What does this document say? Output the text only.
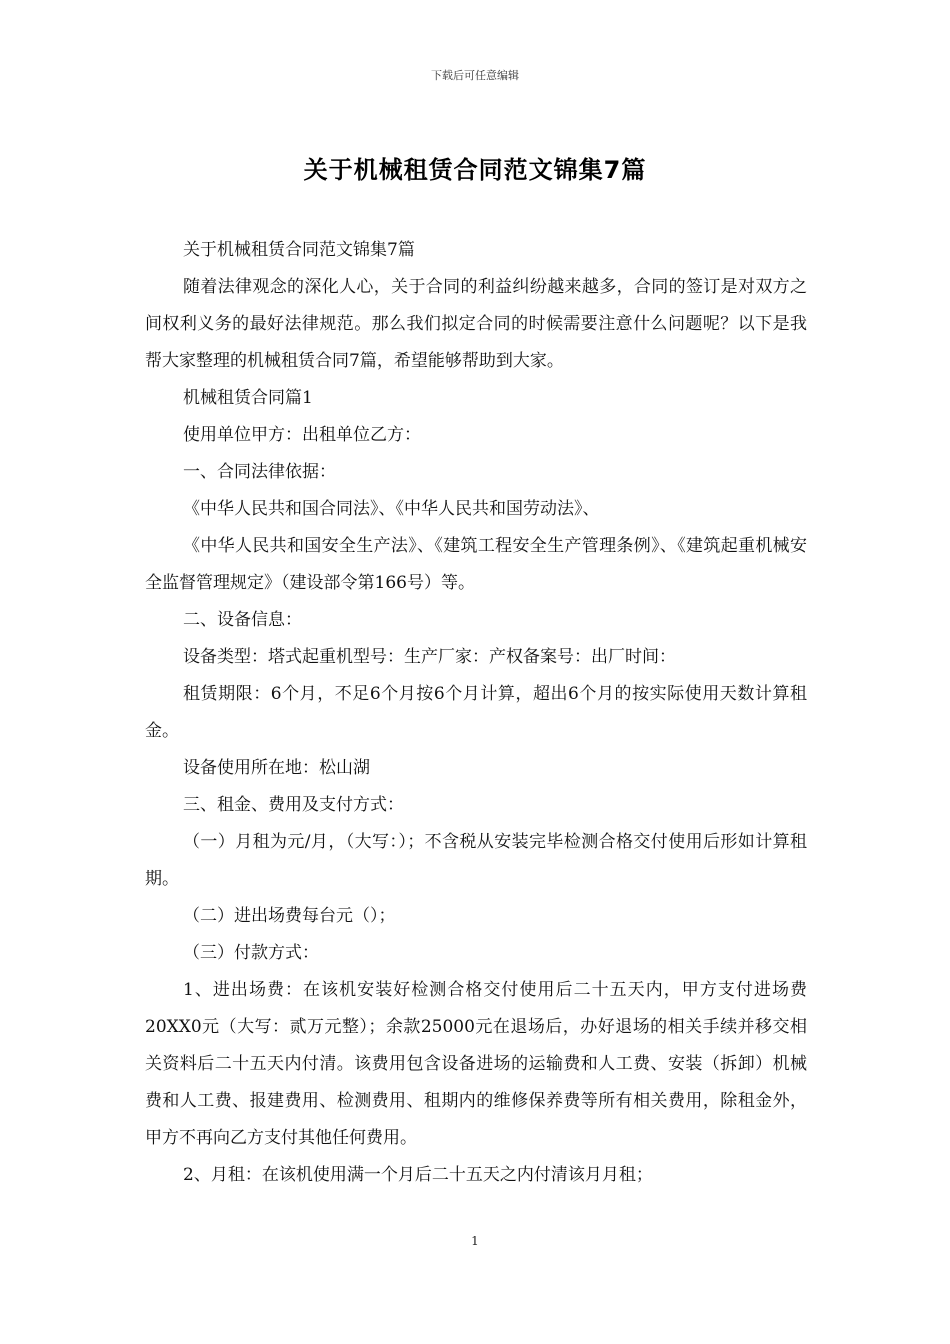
下载后可任意编辑
关于机械租赁合同范文锦集7篇

关于机械租赁合同范文锦集7篇

随着法律观念的深化人心，关于合同的利益纠纷越来越多，合同的签订是对双方之间权利义务的最好法律规范。那么我们拟定合同的时候需要注意什么问题呢？以下是我帮大家整理的机械租赁合同7篇，希望能够帮助到大家。

机械租赁合同篇1

使用单位甲方：出租单位乙方：

一、合同法律依据：

《中华人民共和国合同法》、《中华人民共和国劳动法》、

《中华人民共和国安全生产法》、《建筑工程安全生产管理条例》、《建筑起重机械安全监督管理规定》（建设部令第166号）等。

二、设备信息：

设备类型：塔式起重机型号：生产厂家：产权备案号：出厂时间：

租赁期限：6个月，不足6个月按6个月计算，超出6个月的按实际使用天数计算租金。

设备使用所在地：松山湖

三、租金、费用及支付方式：

（一）月租为元/月，（大写：）；不含税从安装完毕检测合格交付使用后形如计算租期。

（二）进出场费每台元（）；

（三）付款方式：

1、进出场费：在该机安装好检测合格交付使用后二十五天内，甲方支付进场费20XX0元（大写：贰万元整）；余款25000元在退场后，办好退场的相关手续并移交相关资料后二十五天内付清。该费用包含设备进场的运输费和人工费、安装（拆卸）机械费和人工费、报建费用、检测费用、租期内的维修保养费等所有相关费用，除租金外，甲方不再向乙方支付其他任何费用。

2、月租：在该机使用满一个月后二十五天之内付清该月月租；

1
